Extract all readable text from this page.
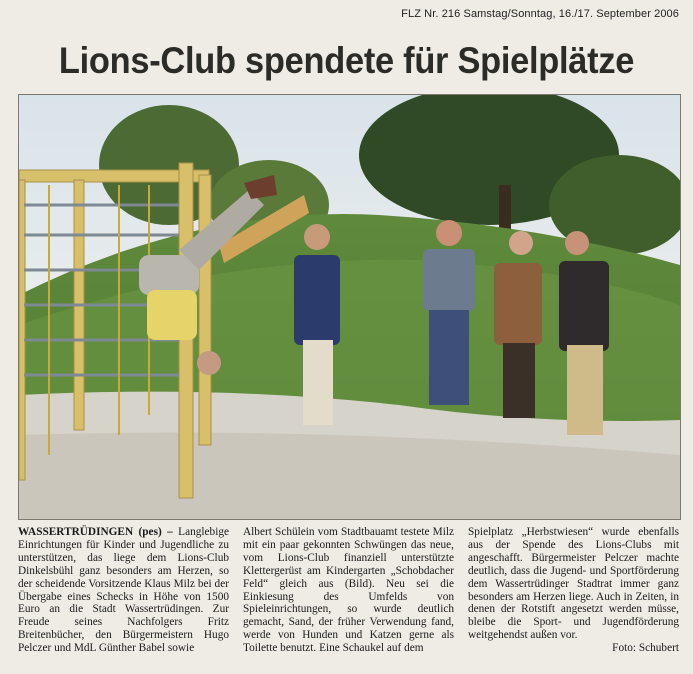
FLZ Nr. 216 Samstag/Sonntag, 16./17. September 2006
Lions-Club spendete für Spielplätze
WASSERTRÜDINGEN (pes) – Langlebige Einrichtungen für Kinder und Jugendliche zu unterstützen, das liege dem Lions-Club Dinkelsbühl ganz besonders am Herzen, so der scheidende Vorsitzende Klaus Milz bei der Übergabe eines Schecks in Höhe von 1500 Euro an die Stadt Wassertrüdingen. Zur Freude seines Nachfolgers Fritz Breitenbücher, den Bürgermeistern Hugo Pelczer und MdL Günther Babel sowie
Albert Schülein vom Stadtbauamt testete Milz mit ein paar gekonnten Schwüngen das neue, vom Lions-Club finanziell unterstützte Klettergerüst am Kindergarten „Schobdacher Feld“ gleich aus (Bild). Neu sei die Einkiesung des Umfelds von Spieleinrichtungen, so wurde deutlich gemacht, Sand, der früher Verwendung fand, werde von Hunden und Katzen gerne als Toilette benutzt. Eine Schaukel auf dem
Spielplatz „Herbstwiesen“ wurde ebenfalls aus der Spende des Lions-Clubs mit angeschafft. Bürgermeister Pelczer machte deutlich, dass die Jugend- und Sportförderung dem Wassertrüdinger Stadtrat immer ganz besonders am Herzen liege. Auch in Zeiten, in denen der Rotstift angesetzt werden müsse, bleibe die Sport- und Jugendförderung weitgehendst außen vor.
Foto: Schubert
